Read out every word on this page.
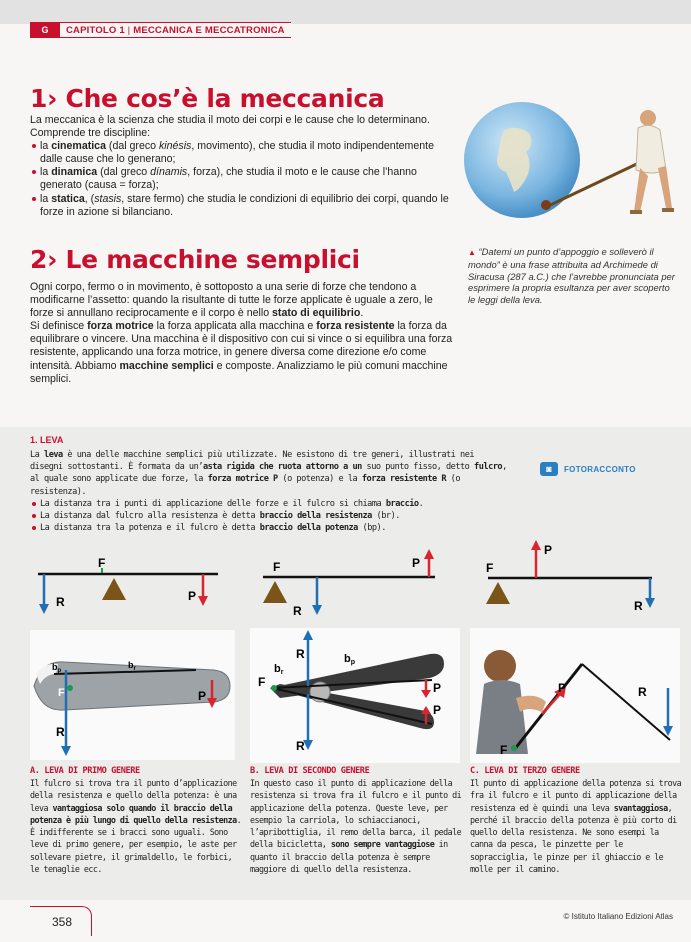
G	CAPITOLO 1 | MECCANICA E MECCATRONICA
1› Che cos’è la meccanica

La meccanica è la scienza che studia il moto dei corpi e le cause che lo determinano. Comprende tre discipline:

la cinematica (dal greco kinésis, movimento), che studia il moto indipendentemente dalle cause che lo generano;
la dinamica (dal greco dínamis, forza), che studia il moto e le cause che l’hanno generato (causa = forza);
la statica, (stasis, stare fermo) che studia le condizioni di equilibrio dei corpi, quando le forze in azione si bilanciano.
▲ “Datemi un punto d’appoggio e solleverò il mondo” è una frase attribuita ad Archimede di Siracusa (287 a.C.) che l’avrebbe pronunciata per esprimere la propria esultanza per aver scoperto le leggi della leva.
2› Le macchine semplici

Ogni corpo, fermo o in movimento, è sottoposto a una serie di forze che tendono a modificarne l’assetto: quando la risultante di tutte le forze applicate è uguale a zero, le forze si annullano reciprocamente e il corpo è nello stato di equilibrio.

Si definisce forza motrice la forza applicata alla macchina e forza resistente la forza da equilibrare o vincere. Una macchina è il dispositivo con cui si vince o si equilibra una forza resistente, applicando una forza motrice, in genere diversa come direzione e/o come intensità. Abbiamo macchine semplici e composte. Analizziamo le più comuni macchine semplici.

1. LEVA

La leva è una delle macchine semplici più utilizzate. Ne esistono di tre generi, illustrati nei disegni sottostanti. È formata da un’asta rigida che ruota attorno a un suo punto fisso, detto fulcro, al quale sono applicate due forze, la forza motrice P (o potenza) e la forza resistente R (o resistenza).

La distanza tra i punti di applicazione delle forze e il fulcro si chiama braccio.
La distanza dal fulcro alla resistenza è detta braccio della resistenza (br).
La distanza tra la potenza e il fulcro è detta braccio della potenza (bp).
◙	FOTORACCONTO
F
R	P
F
R
P	F
P
R
R
F
$b_p$
$b_r$
P
F
R
R
br
bp
P
P
F
P	R
A. LEVA DI PRIMO GENERE
Il fulcro si trova tra il punto d’applicazione della resistenza e quello della potenza: è una leva vantaggiosa solo quando il braccio della potenza è più lungo di quello della resistenza. È indifferente se i bracci sono uguali. Sono leve di primo genere, per esempio, le aste per sollevare pietre, il grimaldello, le forbici, le tenaglie ecc.
B. LEVA DI SECONDO GENERE
In questo caso il punto di applicazione della resistenza si trova fra il fulcro e il punto di applicazione della potenza. Queste leve, per esempio la carriola, lo schiaccianoci, l’apribottiglia, il remo della barca, il pedale della bicicletta, sono sempre vantaggiose in quanto il braccio della potenza è sempre maggiore di quello della resistenza.
C. LEVA DI TERZO GENERE
Il punto di applicazione della potenza si trova fra il fulcro e il punto di applicazione della resistenza ed è quindi una leva svantaggiosa, perché il braccio della potenza è più corto di quello della resistenza. Ne sono esempi la canna da pesca, le pinzette per le sopracciglia, le pinze per il ghiaccio e le molle per il camino.
358	© Istituto Italiano Edizioni Atlas
